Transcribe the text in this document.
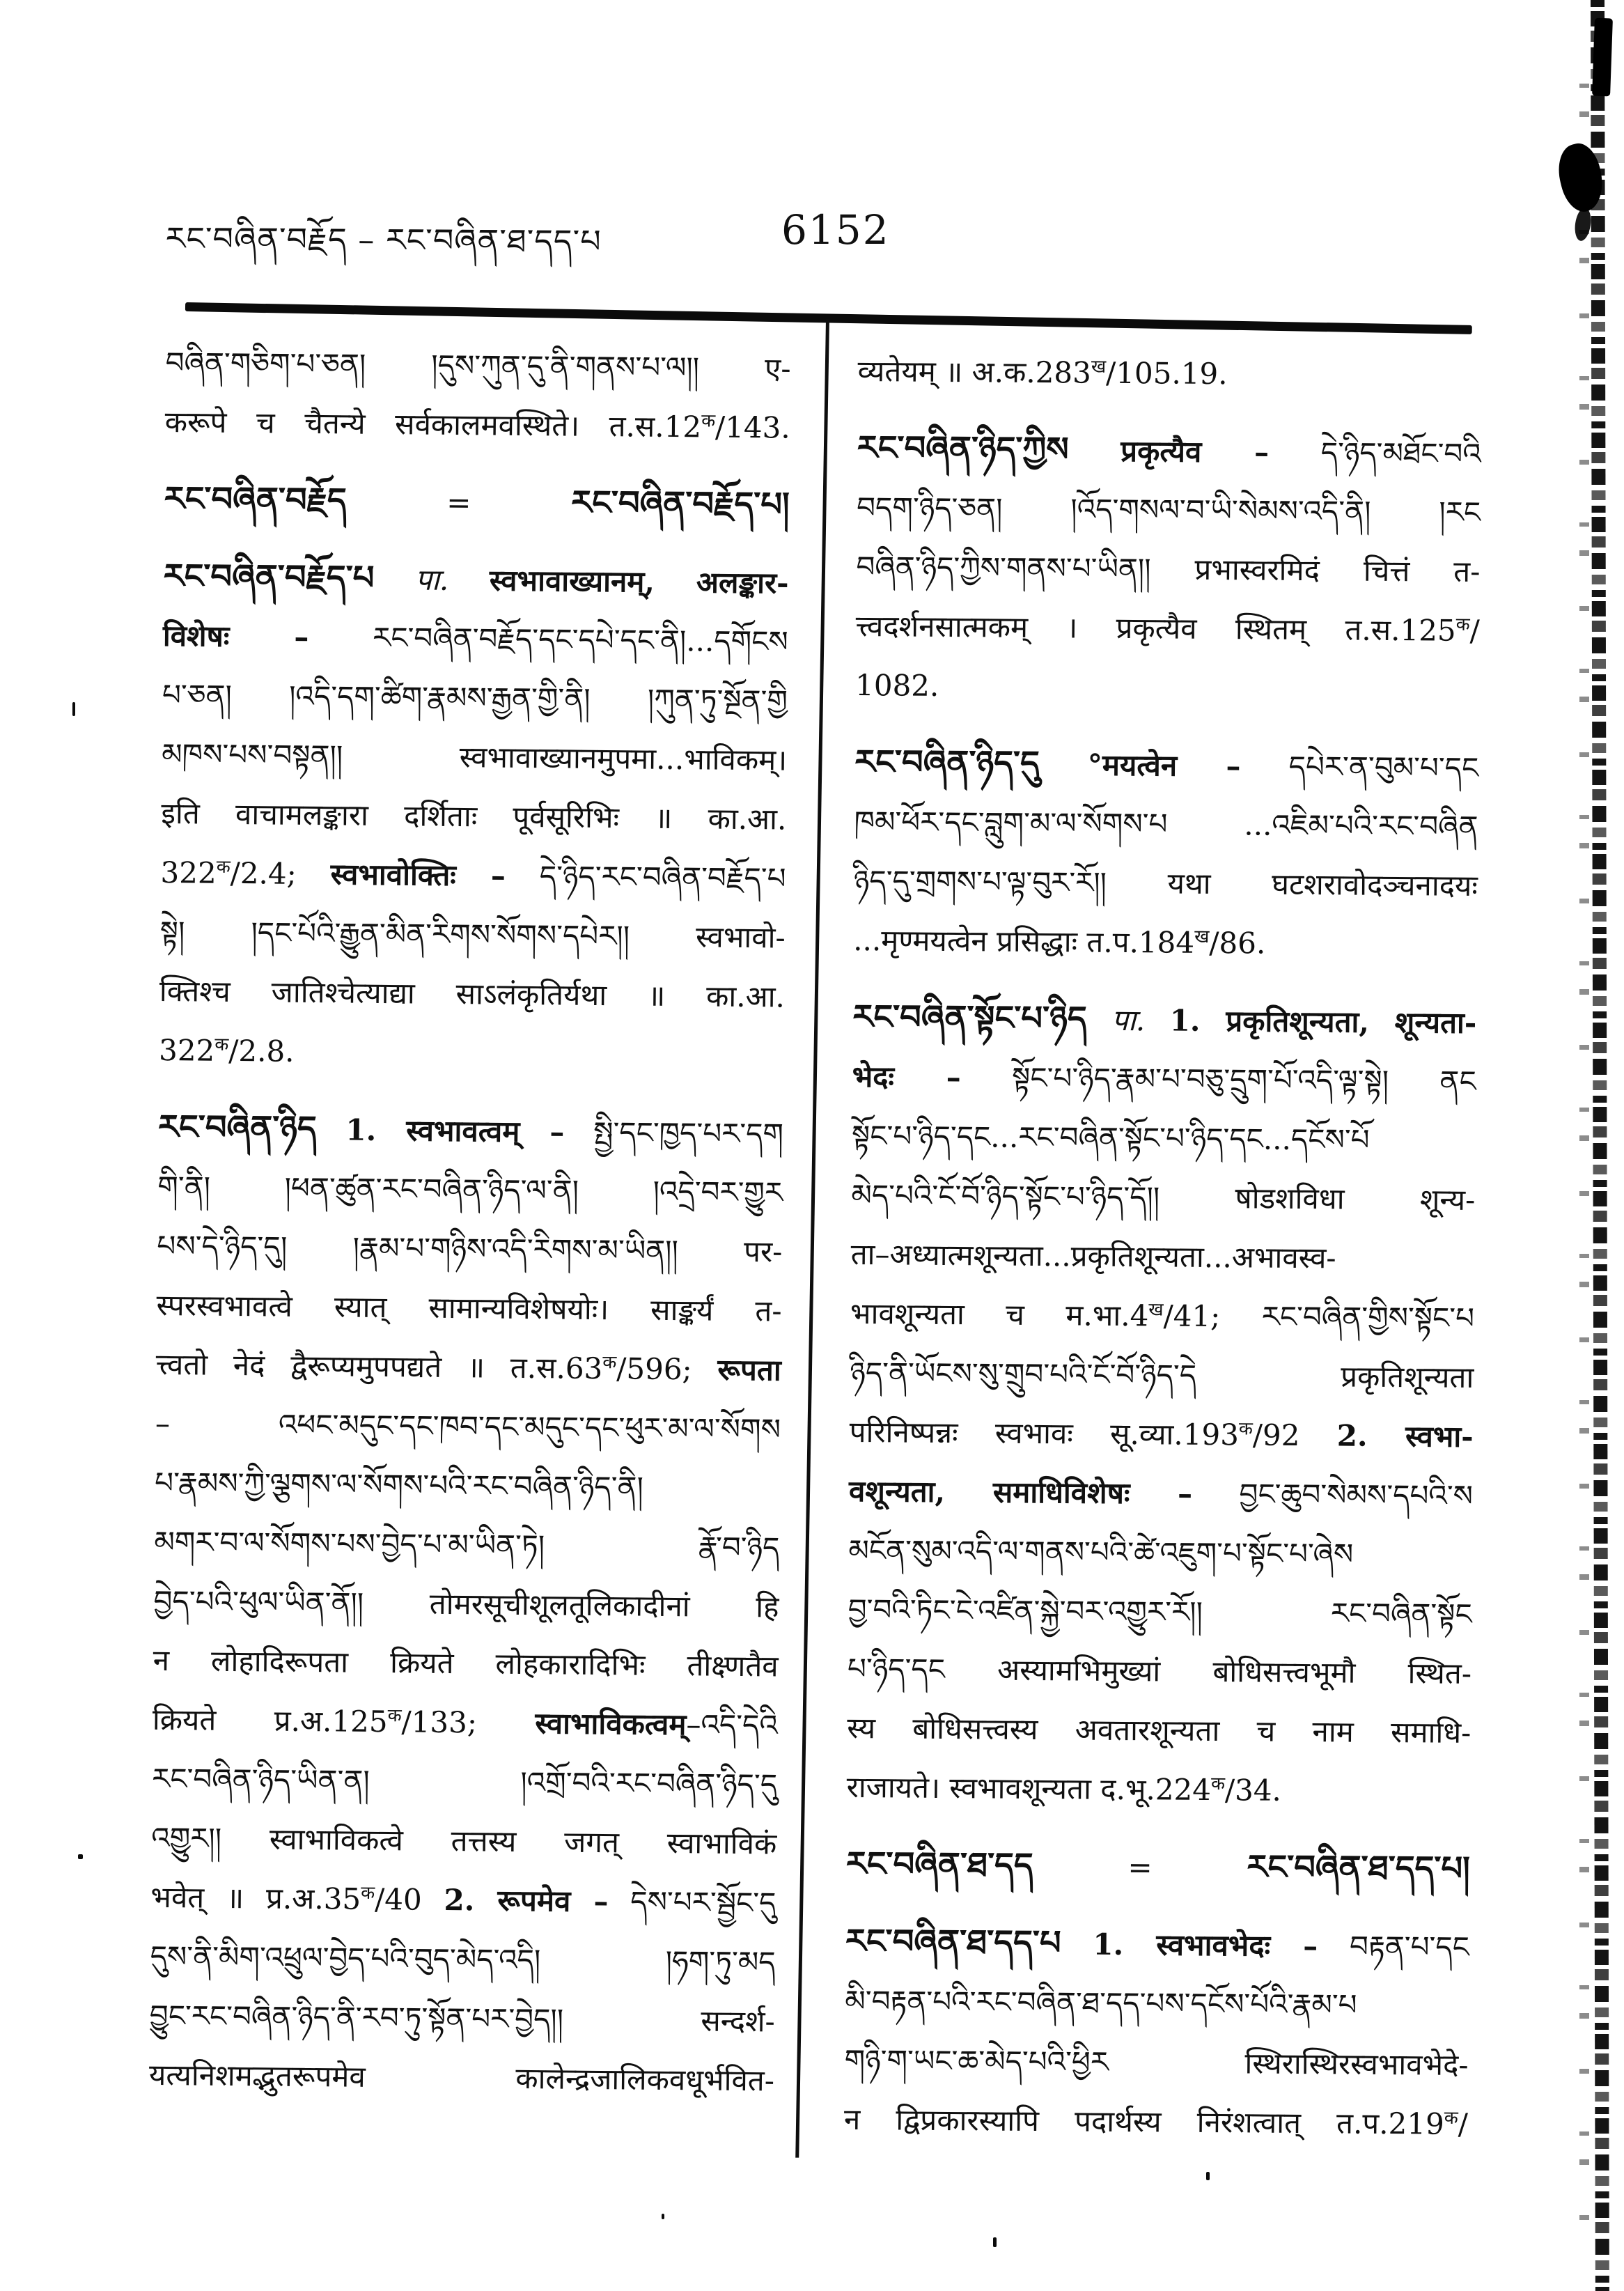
རང་བཞིན་བརྗོད – རང་བཞིན་ཐ་དད་པ	6152
བཞིན་གཅིག་པ་ཅན། །དུས་ཀུན་དུ་ནི་གནས་པ་ལ།། ए-
करूपे च चैतन्ये सर्वकालमवस्थिते। $त.स.12^क/143$.
རང་བཞིན་བརྗོད	=	རང་བཞིན་བརྗོད་པ།
རང་བཞིན་བརྗོད་པ पा. स्वभावाख्यानम्, अलङ्कार-
विशेषः – རང་བཞིན་བརྗོད་དང་དཔེ་དང་ནི།...དགོངས
པ་ཅན། །འདི་དག་ཚིག་རྣམས་རྒྱན་གྱི་ནི། །ཀུན་ཏུ་སྔོན་གྱི
མཁས་པས་བསྟན།། स्वभावाख्यानमुपमा...भाविकम्।
इति वाचामलङ्कारा दर्शिताः पूर्वसूरिभिः ॥ का.आ.
$322^क/2.4$; स्वभावोक्तिः – དེ་ཉིད་རང་བཞིན་བརྗོད་པ
སྟེ། །དང་པོའི་རྒྱུན་མིན་རིགས་སོགས་དཔེར།། स्वभावो-
क्तिश्च जातिश्चेत्याद्या साऽलंकृतिर्यथा ॥ का.आ.
$322^क/2.8$.
རང་བཞིན་ཉིད 1. स्वभावत्वम् – སྤྱི་དང་ཁྱད་པར་དག
གི་ནི། །ཕན་ཚུན་རང་བཞིན་ཉིད་ལ་ནི། །འདྲེ་བར་གྱུར
པས་དེ་ཉིད་དུ། །རྣམ་པ་གཉིས་འདི་རིགས་མ་ཡིན།། पर-
स्परस्वभावत्वे स्यात् सामान्यविशेषयोः। साङ्कर्यं त-
त्त्वतो नेदं द्वैरूप्यमुपपद्यते ॥ $त.स.63^क/596$; रूपता
– འཕང་མདུང་དང་ཁབ་དང་མདུང་དང་ཕུར་མ་ལ་སོགས
པ་རྣམས་ཀྱི་ལྕགས་ལ་སོགས་པའི་རང་བཞིན་ཉིད་ནི།
མགར་བ་ལ་སོགས་པས་བྱེད་པ་མ་ཡིན་ཏེ། རྣོ་བ་ཉིད
བྱེད་པའི་ཕུལ་ཡིན་ནོ།། तोमरसूचीशूलतूलिकादीनां हि
न लोहादिरूपता क्रियते लोहकारादिभिः तीक्ष्णतैव
क्रियते $प्र.अ.125^क/133$; स्वाभाविकत्वम्–འདི་དེའི
རང་བཞིན་ཉིད་ཡིན་ན། །འགྲོ་བའི་རང་བཞིན་ཉིད་དུ
འགྱུར།། स्वाभाविकत्वे तत्तस्य जगत् स्वाभाविकं
भवेत् ॥ $प्र.अ.35^क/40$ 2. रूपमेव – དེས་པར་སྦྱོང་དུ
དུས་ནི་མིག་འཕྲུལ་བྱེད་པའི་བུད་མེད་འདི། །ཧག་ཏུ་མད
བྱུང་རང་བཞིན་ཉིད་ནི་རབ་ཏུ་སྟོན་པར་བྱེད།། सन्दर्श-
यत्यनिशमद्भुतरूपमेव कालेन्द्रजालिकवधूर्भवित-
व्यतेयम् ॥ $अ.क.283^ख/105.19$.
རང་བཞིན་ཉིད་ཀྱིས प्रकृत्यैव – དེ་ཉིད་མཐོང་བའི
བདག་ཉིད་ཅན། །འོད་གསལ་བ་ཡི་སེམས་འདི་ནི། །རང
བཞིན་ཉིད་ཀྱིས་གནས་པ་ཡིན།། प्रभास्वरमिदं चित्तं त-
त्त्वदर्शनसात्मकम् । प्रकृत्यैव स्थितम् $त.स.125^क/$
1082.
རང་བཞིན་ཉིད་དུ °मयत्वेन – དཔེར་ན་བུམ་པ་དང
ཁམ་ཕོར་དང་བླུག་མ་ལ་སོགས་པ ...འཇིམ་པའི་རང་བཞིན
ཉིད་དུ་གྲགས་པ་ལྟ་བུར་རོ།། यथा घटशरावोदञ्चनादयः
...मृण्मयत्वेन प्रसिद्धाः $त.प.184^ख/86$.
རང་བཞིན་སྟོང་པ་ཉིད पा. 1. प्रकृतिशून्यता, शून्यता-
भेदः – སྟོང་པ་ཉིད་རྣམ་པ་བཅུ་དྲུག་པོ་འདི་ལྟ་སྟེ། ནང
སྟོང་པ་ཉིད་དང...རང་བཞིན་སྟོང་པ་ཉིད་དང...དངོས་པོ
མེད་པའི་ངོ་བོ་ཉིད་སྟོང་པ་ཉིད་དོ།། षोडशविधा शून्य-
ता–अध्यात्मशून्यता...प्रकृतिशून्यता...अभावस्व-
भावशून्यता च $म.भा.4^ख/41$; རང་བཞིན་གྱིས་སྟོང་པ
ཉིད་ནི་ཡོངས་སུ་གྲུབ་པའི་ངོ་བོ་ཉིད་དེ प्रकृतिशून्यता
परिनिष्पन्नः स्वभावः $सू.व्या.193^क/92$ 2. स्वभा-
वशून्यता, समाधिविशेषः – བྱང་ཆུབ་སེམས་དཔའི་ས
མངོན་སུམ་འདི་ལ་གནས་པའི་ཚེ་འཇུག་པ་སྟོང་པ་ཞེས
བྱ་བའི་ཏིང་ངེ་འཛིན་སྐྱེ་བར་འགྱུར་རོ།། རང་བཞིན་སྟོང
པ་ཉིད་དང अस्यामभिमुख्यां बोधिसत्त्वभूमौ स्थित-
स्य बोधिसत्त्वस्य अवतारशून्यता च नाम समाधि-
राजायते। स्वभावशून्यता $द.भू.224^क/34$.
རང་བཞིན་ཐ་དད	=	རང་བཞིན་ཐ་དད་པ།
རང་བཞིན་ཐ་དད་པ 1. स्वभावभेदः – བརྟན་པ་དང
མི་བརྟན་པའི་རང་བཞིན་ཐ་དད་པས་དངོས་པོའི་རྣམ་པ
གཉི་ག་ཡང་ཆ་མེད་པའི་ཕྱིར स्थिरास्थिरस्वभावभेदे-
न द्विप्रकारस्यापि पदार्थस्य निरंशत्वात् $त.प.219^क/$
